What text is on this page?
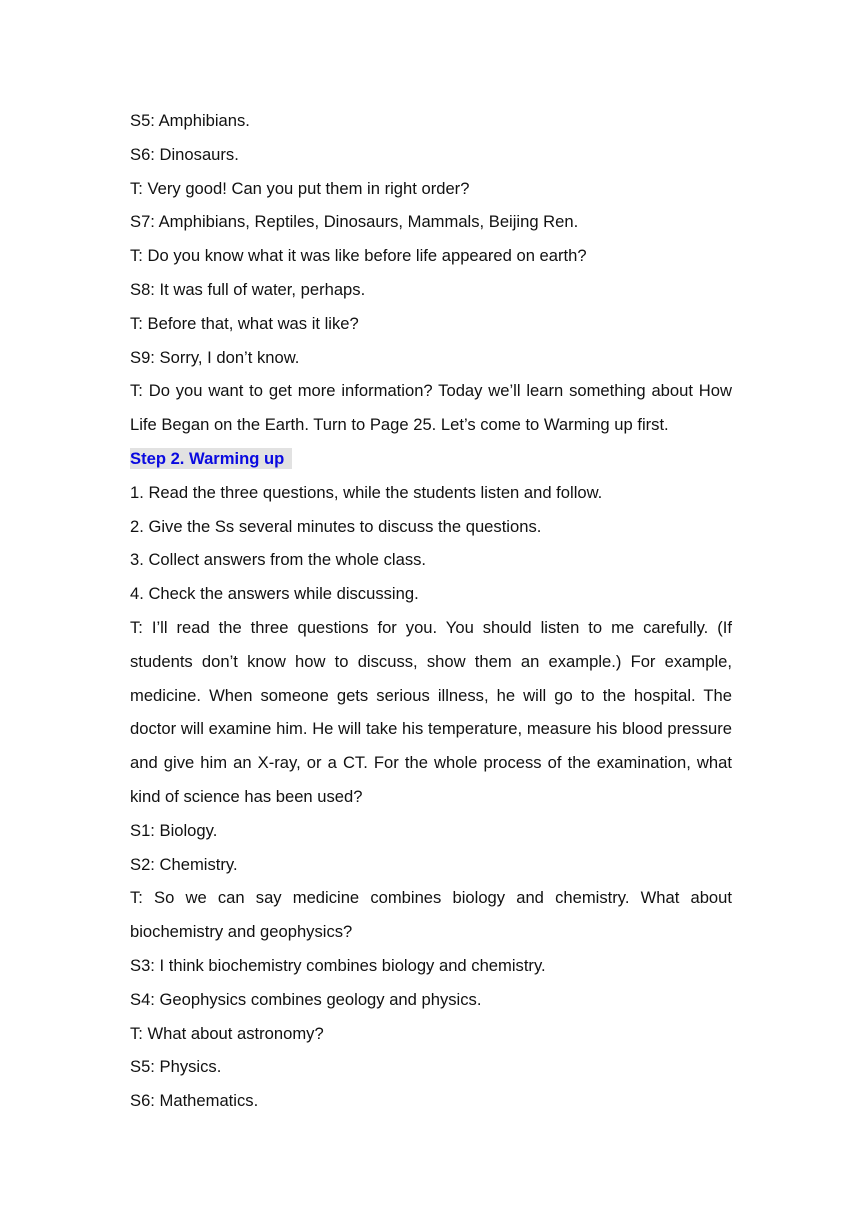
S5: Amphibians.

S6: Dinosaurs.

T: Very good! Can you put them in right order?

S7: Amphibians, Reptiles, Dinosaurs, Mammals, Beijing Ren.

T: Do you know what it was like before life appeared on earth?

S8: It was full of water, perhaps.

T: Before that, what was it like?

S9: Sorry, I don’t know.

T: Do you want to get more information? Today we’ll learn something about How Life Began on the Earth. Turn to Page 25. Let’s come to Warming up first.

Step 2. Warming up

1. Read the three questions, while the students listen and follow.

2. Give the Ss several minutes to discuss the questions.

3. Collect answers from the whole class.

4. Check the answers while discussing.

T: I’ll read the three questions for you. You should listen to me carefully. (If students don’t know how to discuss, show them an example.) For example, medicine. When someone gets serious illness, he will go to the hospital. The doctor will examine him. He will take his temperature, measure his blood pressure and give him an X-ray, or a CT. For the whole process of the examination, what kind of science has been used?

S1: Biology.

S2: Chemistry.

T: So we can say medicine combines biology and chemistry. What about biochemistry and geophysics?

S3: I think biochemistry combines biology and chemistry.

S4: Geophysics combines geology and physics.

T: What about astronomy?

S5: Physics.

S6: Mathematics.
